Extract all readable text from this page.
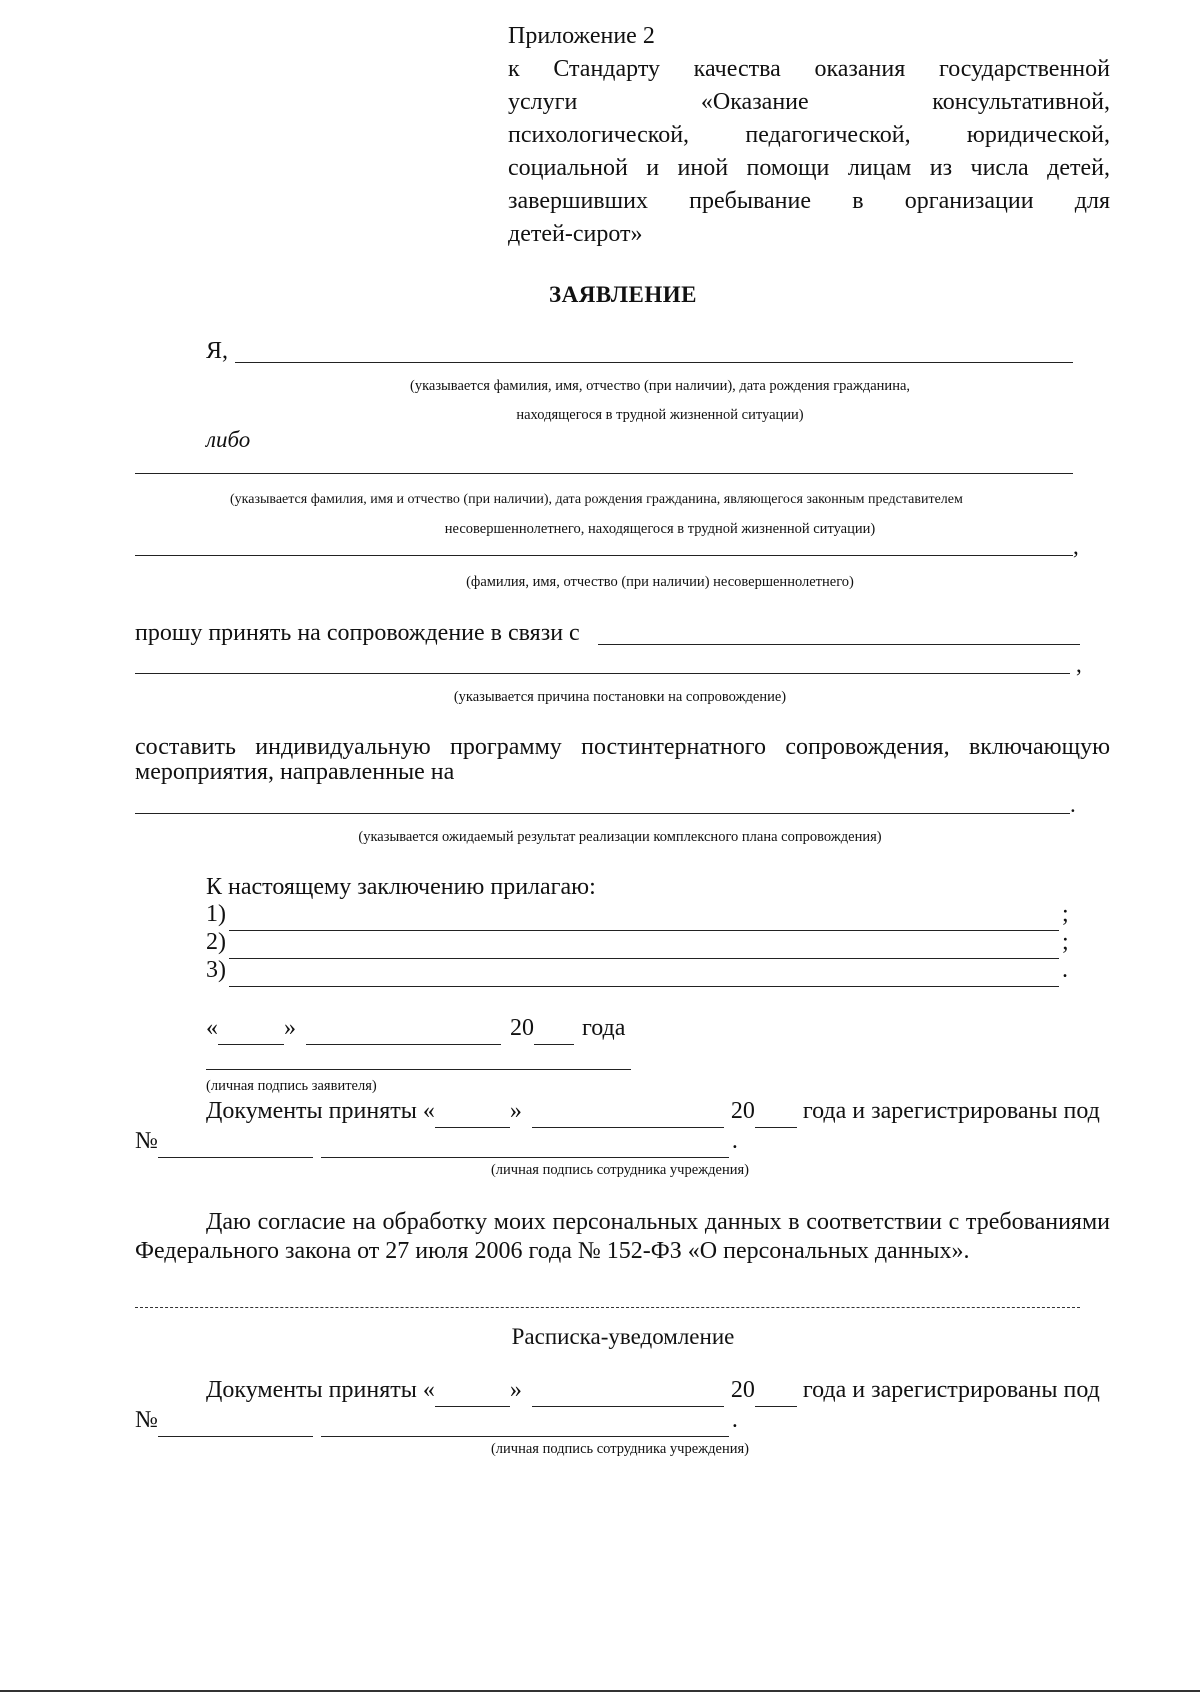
Приложение 2
к Стандарту качества оказания государственной
услуги «Оказание консультативной,
психологической, педагогической, юридической,
социальной и иной помощи лицам из числа детей,
завершивших пребывание в организации для
детей-сирот»
ЗАЯВЛЕНИЕ
Я,
(указывается фамилия, имя, отчество (при наличии), дата рождения гражданина,
находящегося в трудной жизненной ситуации)
либо
(указывается фамилия, имя и отчество (при наличии), дата рождения гражданина, являющегося законным представителем
несовершеннолетнего, находящегося в трудной жизненной ситуации)
,
(фамилия, имя, отчество (при наличии) несовершеннолетнего)
прошу принять на сопровождение в связи с
,
(указывается причина постановки на сопровождение)
составить индивидуальную программу постинтернатного сопровождения, включающую
мероприятия, направленные на
.
(указывается ожидаемый результат реализации комплексного плана сопровождения)
К настоящему заключению прилагаю:
1)	;
2)	;
3)	.
«	»	20 года
(личная подпись заявителя)
Документы приняты «	»	20 года и зарегистрированы под
№	.
(личная подпись сотрудника учреждения)
Даю согласие на обработку моих персональных данных в соответствии с требованиями
Федерального закона от 27 июля 2006 года № 152-ФЗ «О персональных данных».
Расписка-уведомление
Документы приняты «	»	20 года и зарегистрированы под
№	.
(личная подпись сотрудника учреждения)
